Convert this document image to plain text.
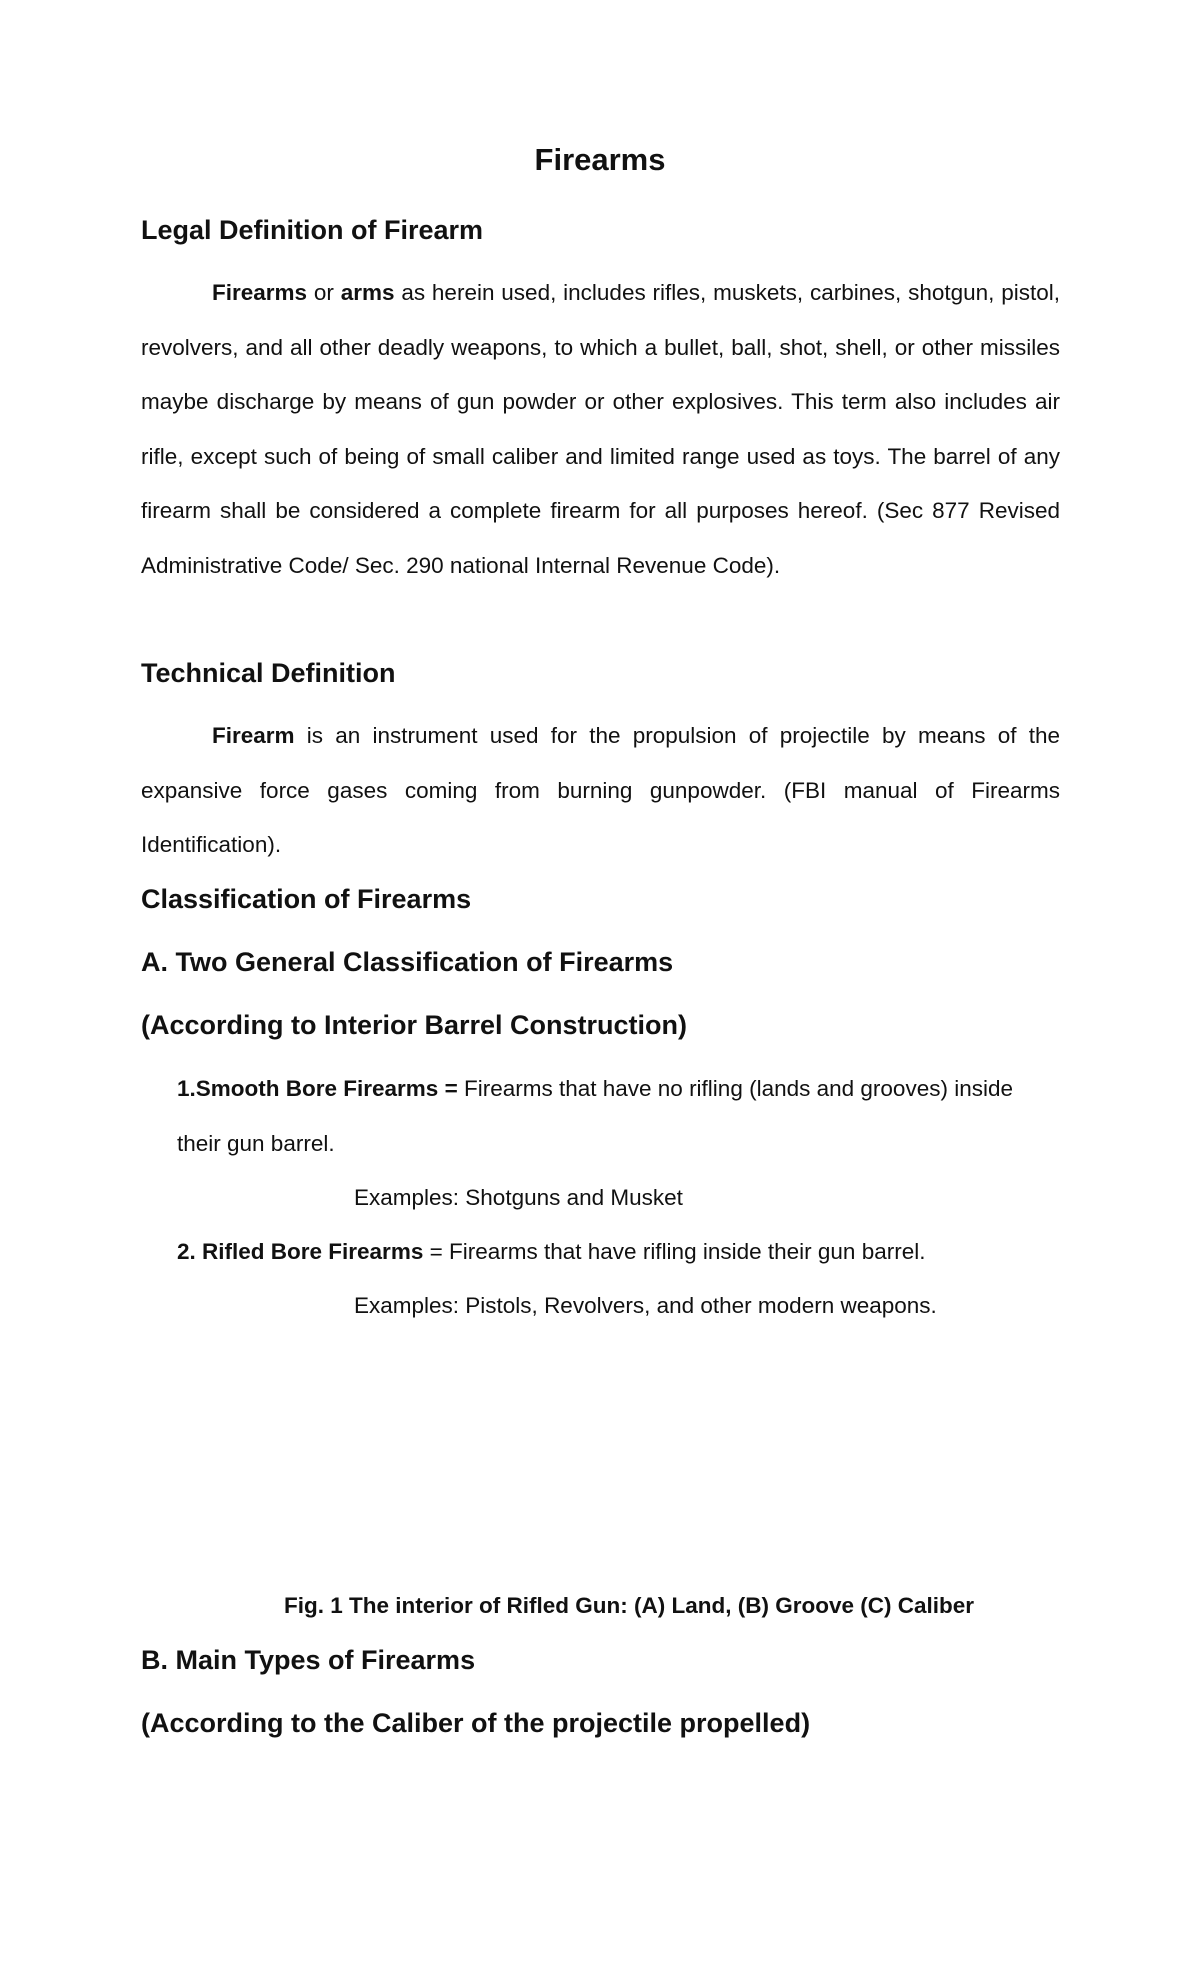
Firearms
Legal Definition of Firearm

Firearms or arms as herein used, includes rifles, muskets, carbines, shotgun, pistol, revolvers, and all other deadly weapons, to which a bullet, ball, shot, shell, or other missiles maybe discharge by means of gun powder or other explosives. This term also includes air rifle, except such of being of small caliber and limited range used as toys. The barrel of any firearm shall be considered a complete firearm for all purposes hereof. (Sec 877 Revised Administrative Code/ Sec. 290 national Internal Revenue Code).

Technical Definition

Firearm is an instrument used for the propulsion of projectile by means of the expansive force gases coming from burning gunpowder. (FBI manual of Firearms Identification).

Classification of Firearms
A. Two General Classification of Firearms
(According to Interior Barrel Construction)

1.Smooth Bore Firearms = Firearms that have no rifling (lands and grooves) inside their gun barrel.

Examples: Shotguns and Musket

2. Rifled Bore Firearms = Firearms that have rifling inside their gun barrel.

Examples: Pistols, Revolvers, and other modern weapons.
Fig. 1 The interior of Rifled Gun: (A) Land, (B) Groove (C) Caliber
B. Main Types of Firearms
(According to the Caliber of the projectile propelled)
